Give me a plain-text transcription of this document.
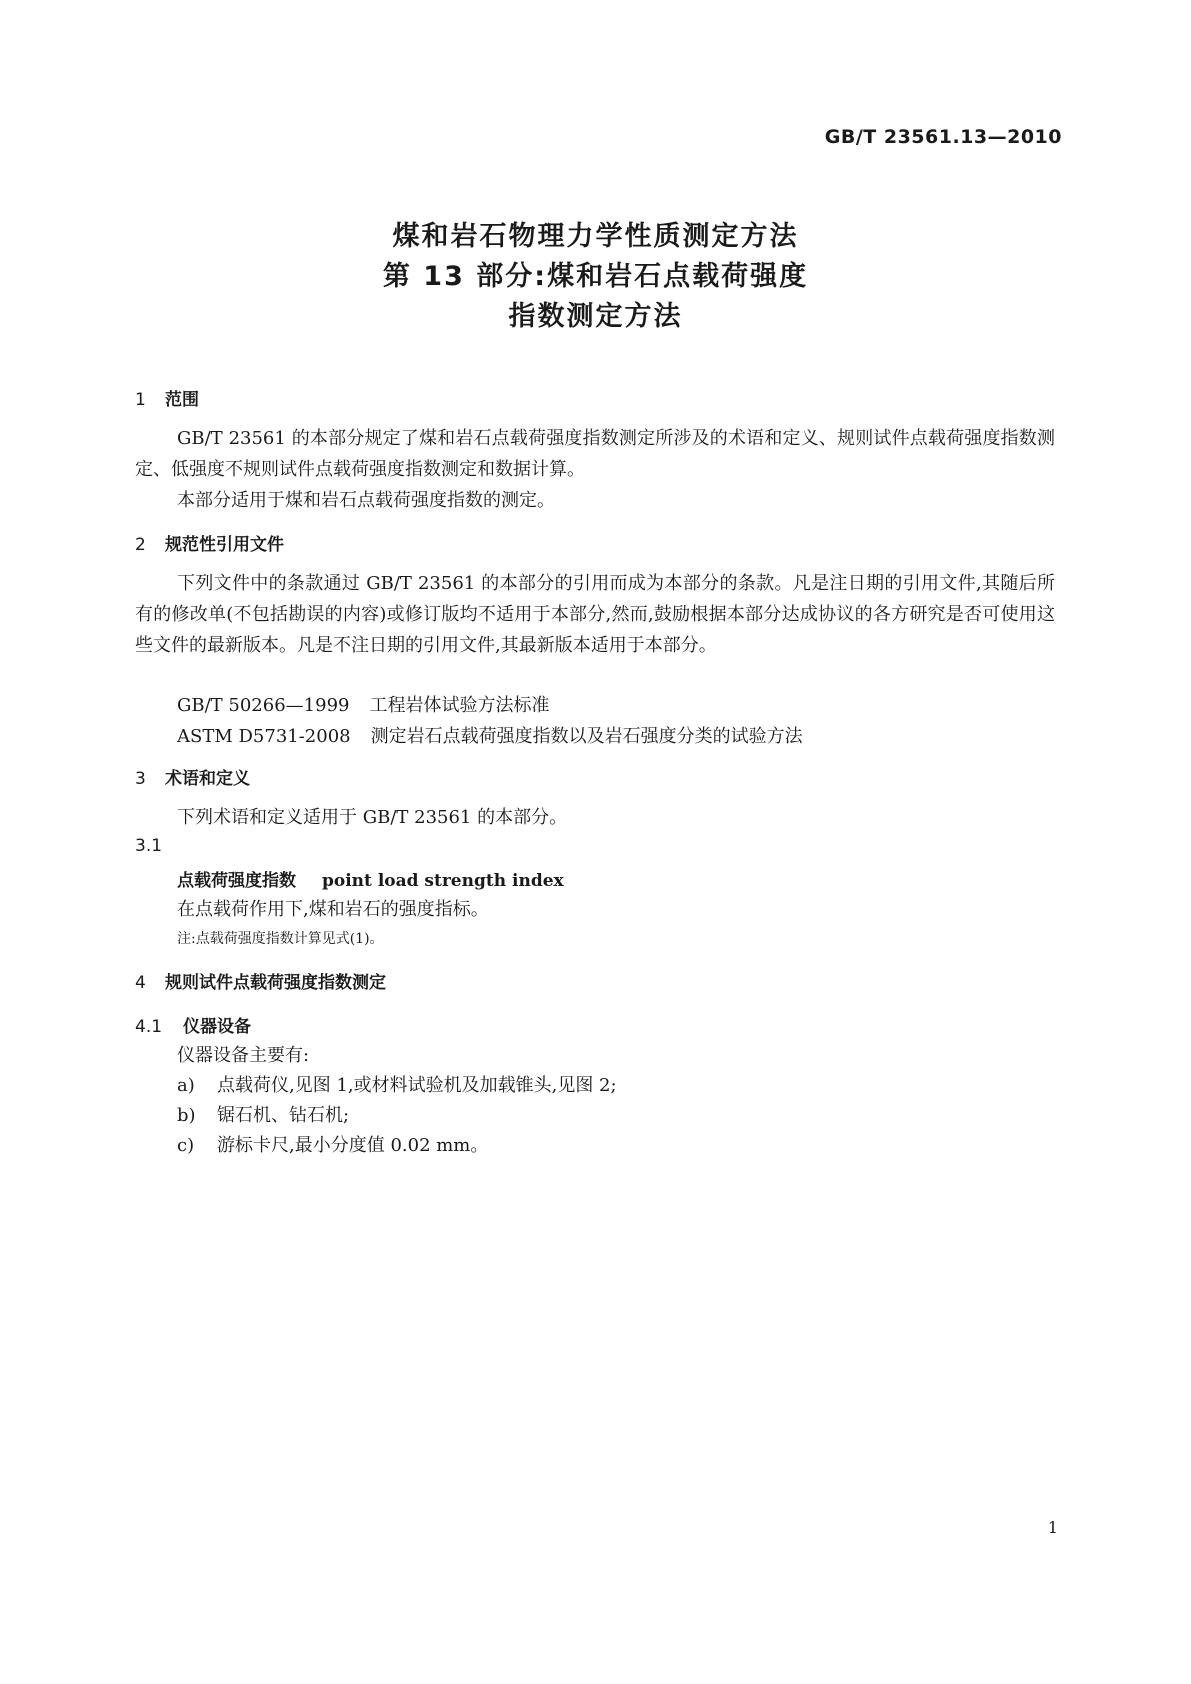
GB/T 23561.13—2010
煤和岩石物理力学性质测定方法
第 13 部分:煤和岩石点载荷强度
指数测定方法
1 范围
GB/T 23561 的本部分规定了煤和岩石点载荷强度指数测定所涉及的术语和定义、规则试件点载荷强度指数测定、低强度不规则试件点载荷强度指数测定和数据计算。
本部分适用于煤和岩石点载荷强度指数的测定。
2 规范性引用文件
下列文件中的条款通过 GB/T 23561 的本部分的引用而成为本部分的条款。凡是注日期的引用文件,其随后所有的修改单(不包括勘误的内容)或修订版均不适用于本部分,然而,鼓励根据本部分达成协议的各方研究是否可使用这些文件的最新版本。凡是不注日期的引用文件,其最新版本适用于本部分。
GB/T 50266—1999 工程岩体试验方法标准
ASTM D5731-2008 测定岩石点载荷强度指数以及岩石强度分类的试验方法
3 术语和定义
下列术语和定义适用于 GB/T 23561 的本部分。
3.1
点载荷强度指数 point load strength index
在点载荷作用下,煤和岩石的强度指标。
注:点载荷强度指数计算见式(1)。
4 规则试件点载荷强度指数测定
4.1 仪器设备
仪器设备主要有:
a) 点载荷仪,见图 1,或材料试验机及加载锥头,见图 2;
b) 锯石机、钻石机;
c) 游标卡尺,最小分度值 0.02 mm。
1
